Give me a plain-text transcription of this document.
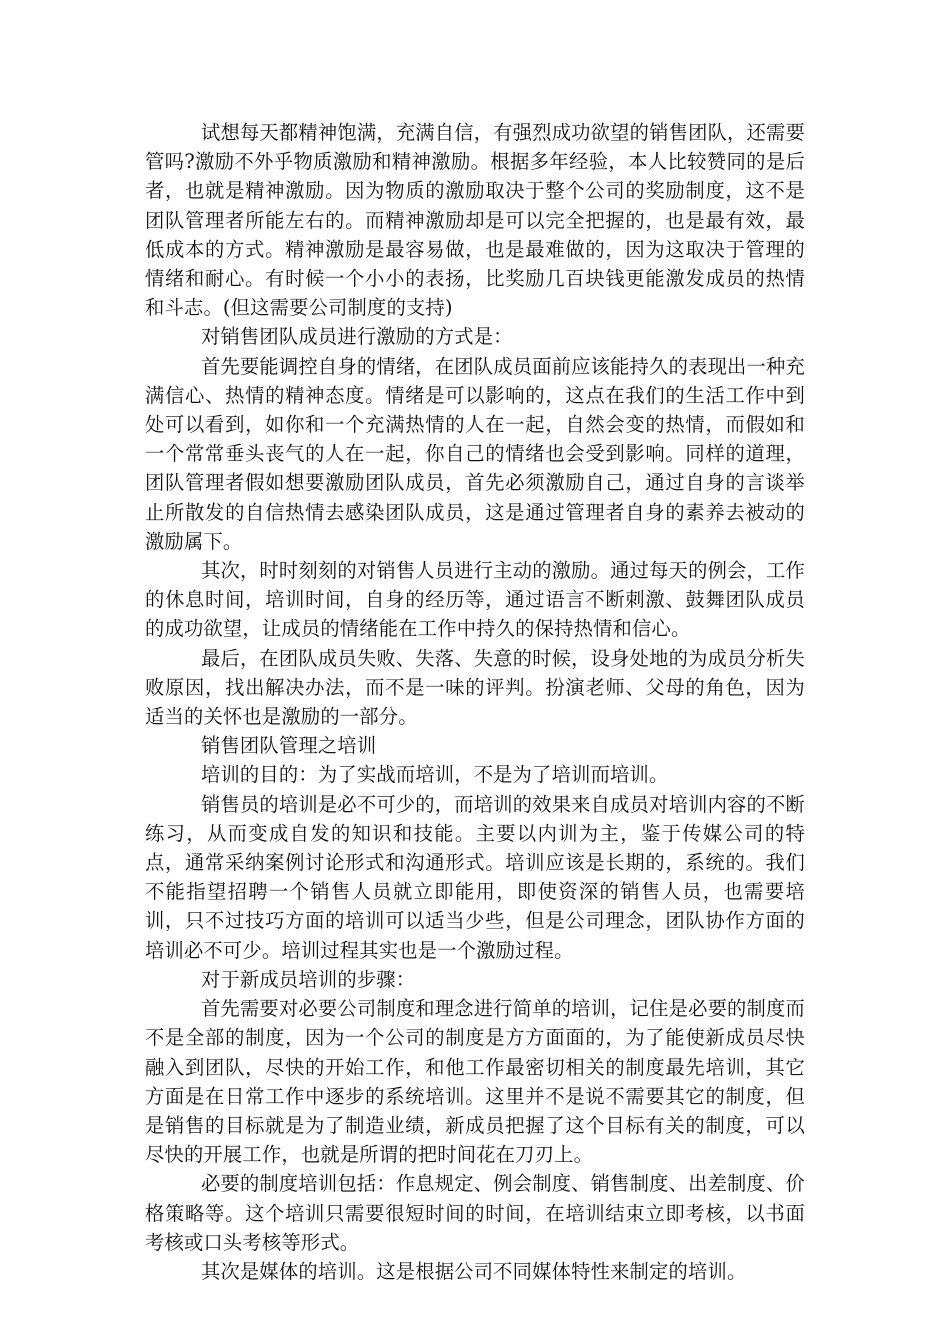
试想每天都精神饱满，充满自信，有强烈成功欲望的销售团队，还需要管吗?激励不外乎物质激励和精神激励。根据多年经验，本人比较赞同的是后者，也就是精神激励。因为物质的激励取决于整个公司的奖励制度，这不是团队管理者所能左右的。而精神激励却是可以完全把握的，也是最有效，最低成本的方式。精神激励是最容易做，也是最难做的，因为这取决于管理的情绪和耐心。有时候一个小小的表扬，比奖励几百块钱更能激发成员的热情和斗志。(但这需要公司制度的支持)

对销售团队成员进行激励的方式是：

首先要能调控自身的情绪，在团队成员面前应该能持久的表现出一种充满信心、热情的精神态度。情绪是可以影响的，这点在我们的生活工作中到处可以看到，如你和一个充满热情的人在一起，自然会变的热情，而假如和一个常常垂头丧气的人在一起，你自己的情绪也会受到影响。同样的道理，团队管理者假如想要激励团队成员，首先必须激励自己，通过自身的言谈举止所散发的自信热情去感染团队成员，这是通过管理者自身的素养去被动的激励属下。

其次，时时刻刻的对销售人员进行主动的激励。通过每天的例会，工作的休息时间，培训时间，自身的经历等，通过语言不断刺激、鼓舞团队成员的成功欲望，让成员的情绪能在工作中持久的保持热情和信心。

最后，在团队成员失败、失落、失意的时候，设身处地的为成员分析失败原因，找出解决办法，而不是一味的评判。扮演老师、父母的角色，因为适当的关怀也是激励的一部分。

销售团队管理之培训

培训的目的：为了实战而培训，不是为了培训而培训。

销售员的培训是必不可少的，而培训的效果来自成员对培训内容的不断练习，从而变成自发的知识和技能。主要以内训为主，鉴于传媒公司的特点，通常采纳案例讨论形式和沟通形式。培训应该是长期的，系统的。我们不能指望招聘一个销售人员就立即能用，即使资深的销售人员，也需要培训，只不过技巧方面的培训可以适当少些，但是公司理念，团队协作方面的培训必不可少。培训过程其实也是一个激励过程。

对于新成员培训的步骤：

首先需要对必要公司制度和理念进行简单的培训，记住是必要的制度而不是全部的制度，因为一个公司的制度是方方面面的，为了能使新成员尽快融入到团队，尽快的开始工作，和他工作最密切相关的制度最先培训，其它方面是在日常工作中逐步的系统培训。这里并不是说不需要其它的制度，但是销售的目标就是为了制造业绩，新成员把握了这个目标有关的制度，可以尽快的开展工作，也就是所谓的把时间花在刀刃上。

必要的制度培训包括：作息规定、例会制度、销售制度、出差制度、价格策略等。这个培训只需要很短时间的时间，在培训结束立即考核，以书面考核或口头考核等形式。

其次是媒体的培训。这是根据公司不同媒体特性来制定的培训。
